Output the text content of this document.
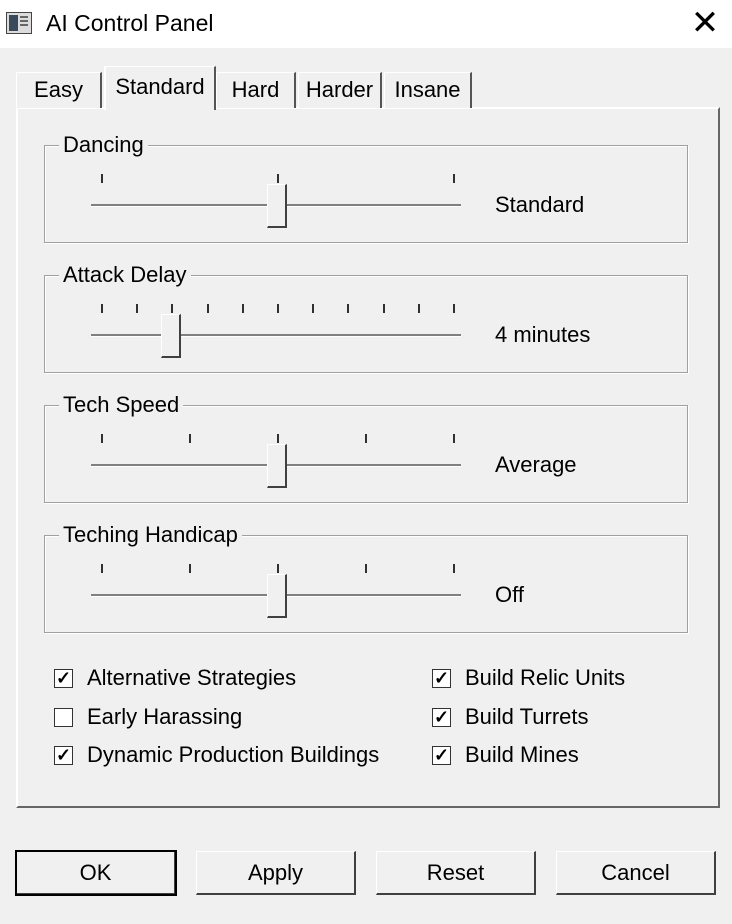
AI Control Panel	✕
Easy	Standard	Hard	Harder Insane
Dancing
Standard
Attack Delay
4 minutes
Tech Speed
Average
Teching Handicap
Off
✓ Alternative Strategies
Early Harassing
✓ Dynamic Production Buildings
✓ Build Relic Units
✓ Build Turrets
✓ Build Mines
OK	Apply	Reset	Cancel
